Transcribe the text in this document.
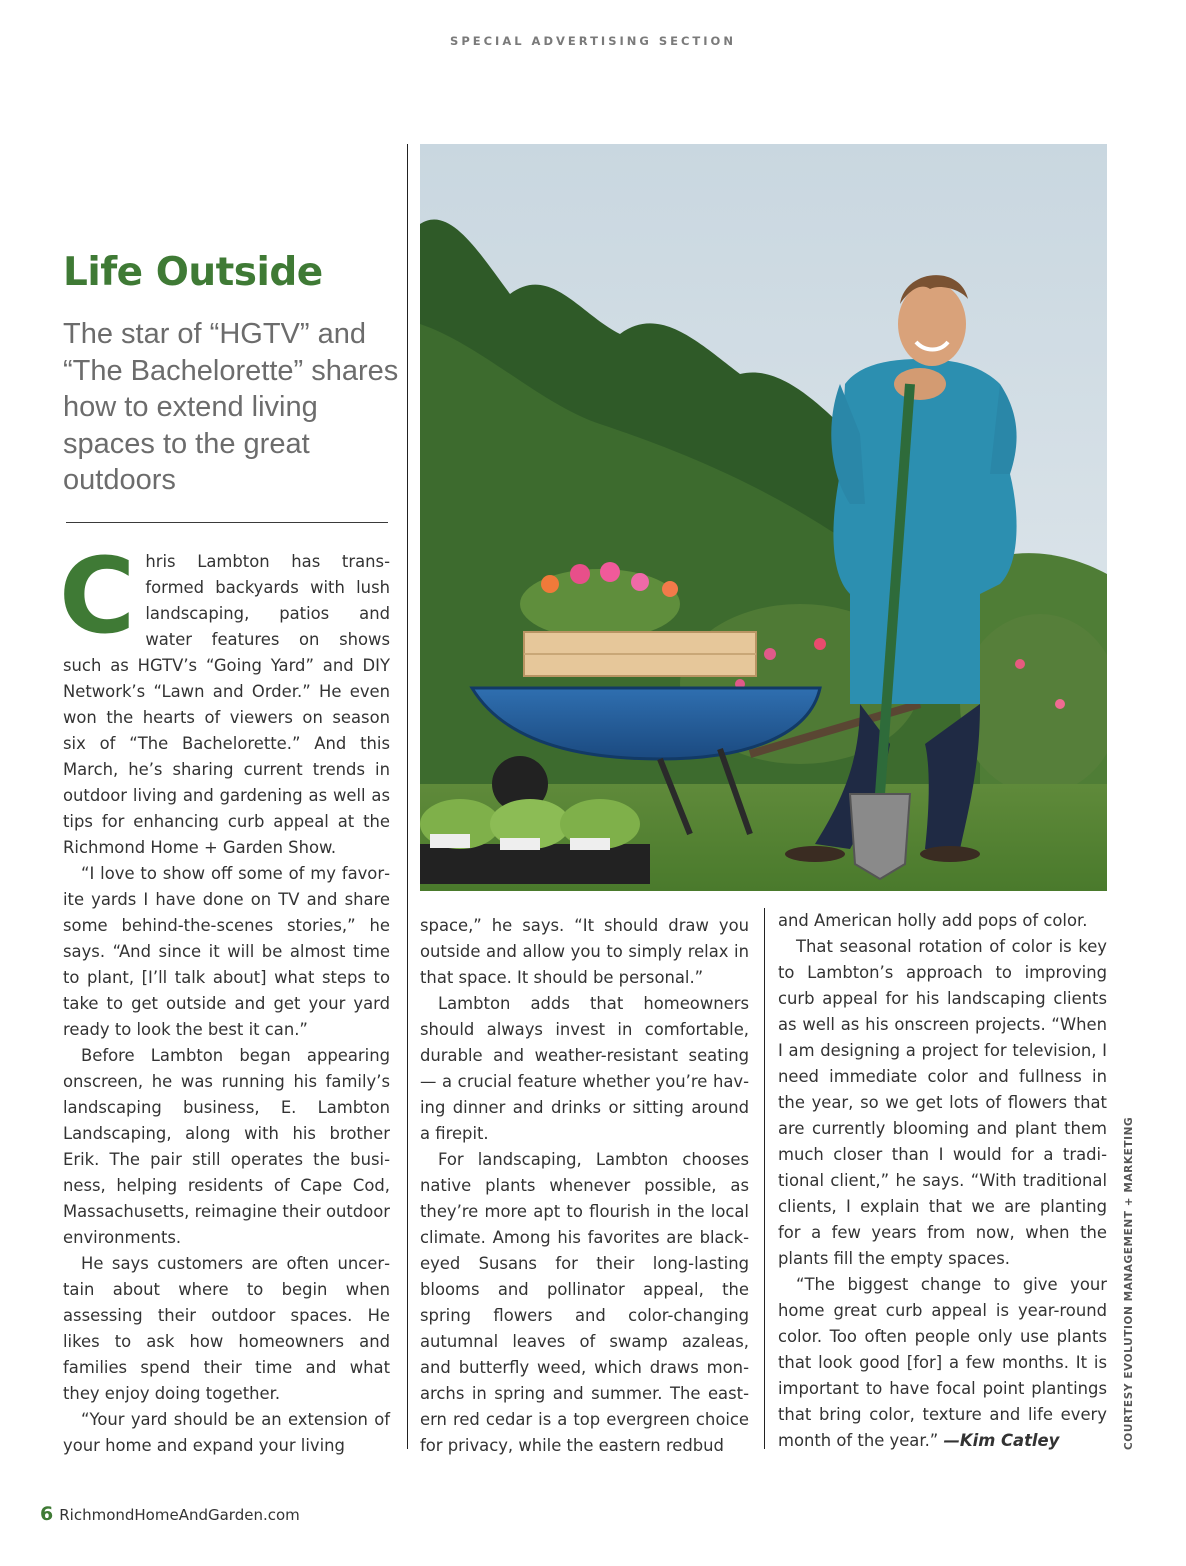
SPECIAL ADVERTISING SECTION
Life Outside

The star of “HGTV” and “The Bachelorette” shares how to extend living spaces to the great outdoors

Chris Lambton has transformed backyards with lush landscaping, patios and water features on shows such as HGTV’s “Going Yard” and DIY Network’s “Lawn and Order.” He even won the hearts of viewers on season six of “The Bachelorette.” And this March, he’s sharing current trends in outdoor living and gardening as well as tips for enhancing curb appeal at the Richmond Home + Garden Show.

“I love to show off some of my favorite yards I have done on TV and share some behind-the-scenes stories,” he says. “And since it will be almost time to plant, [I’ll talk about] what steps to take to get outside and get your yard ready to look the best it can.”

Before Lambton began appearing onscreen, he was running his family’s landscaping business, E. Lambton Landscaping, along with his brother Erik. The pair still operates the business, helping residents of Cape Cod, Massachusetts, reimagine their outdoor environments.

He says customers are often uncertain about where to begin when assessing their outdoor spaces. He likes to ask how homeowners and families spend their time and what they enjoy doing together.

“Your yard should be an extension of your home and expand your living

space,” he says. “It should draw you outside and allow you to simply relax in that space. It should be personal.”

Lambton adds that homeowners should always invest in comfortable, durable and weather-resistant seating — a crucial feature whether you’re having dinner and drinks or sitting around a firepit.

For landscaping, Lambton chooses native plants whenever possible, as they’re more apt to flourish in the local climate. Among his favorites are black-eyed Susans for their long-lasting blooms and pollinator appeal, the spring flowers and color-changing autumnal leaves of swamp azaleas, and butterfly weed, which draws monarchs in spring and summer. The eastern red cedar is a top evergreen choice for privacy, while the eastern redbud

and American holly add pops of color.

That seasonal rotation of color is key to Lambton’s approach to improving curb appeal for his landscaping clients as well as his onscreen projects. “When I am designing a project for television, I need immediate color and fullness in the year, so we get lots of flowers that are currently blooming and plant them much closer than I would for a traditional client,” he says. “With traditional clients, I explain that we are planting for a few years from now, when the plants fill the empty spaces.

“The biggest change to give your home great curb appeal is year-round color. Too often people only use plants that look good [for] a few months. It is important to have focal point plantings that bring color, texture and life every month of the year.” —Kim Catley	COURTESY EVOLUTION MANAGEMENT + MARKETING
6 RichmondHomeAndGarden.com
